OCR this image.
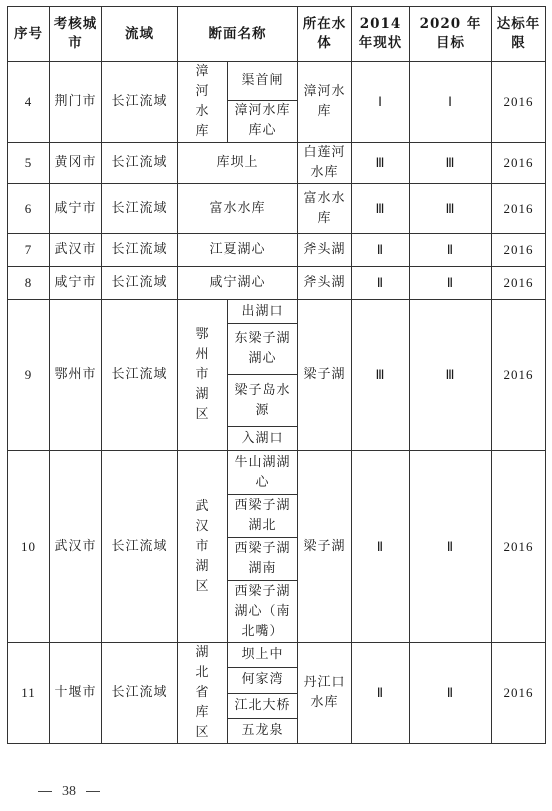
序号	考核城市	流域	断面名称		所在水体	2014 年现状	2020 年目标	达标年限
4	荆门市	长江流域	漳河水库	渠首闸	漳河水库	Ⅰ	Ⅰ	2016
				漳河水库库心				
5	黄冈市	长江流域	库坝上		白莲河水库	Ⅲ	Ⅲ	2016
6	咸宁市	长江流域	富水水库		富水水库	Ⅲ	Ⅲ	2016
7	武汉市	长江流域	江夏湖心		斧头湖	Ⅱ	Ⅱ	2016
8	咸宁市	长江流域	咸宁湖心		斧头湖	Ⅱ	Ⅱ	2016
9	鄂州市	长江流域	鄂州市湖区	出湖口	梁子湖	Ⅲ	Ⅲ	2016
				东梁子湖湖心				
				梁子岛水源				
				入湖口				
10	武汉市	长江流域	武汉市湖区	牛山湖湖心	梁子湖	Ⅱ	Ⅱ	2016
				西梁子湖湖北				
				西梁子湖湖南				
				西梁子湖湖心（南北嘴）				
11	十堰市	长江流域	湖北省库区	坝上中	丹江口水库	Ⅱ	Ⅱ	2016
				何家湾				
				江北大桥				
				五龙泉				
38
